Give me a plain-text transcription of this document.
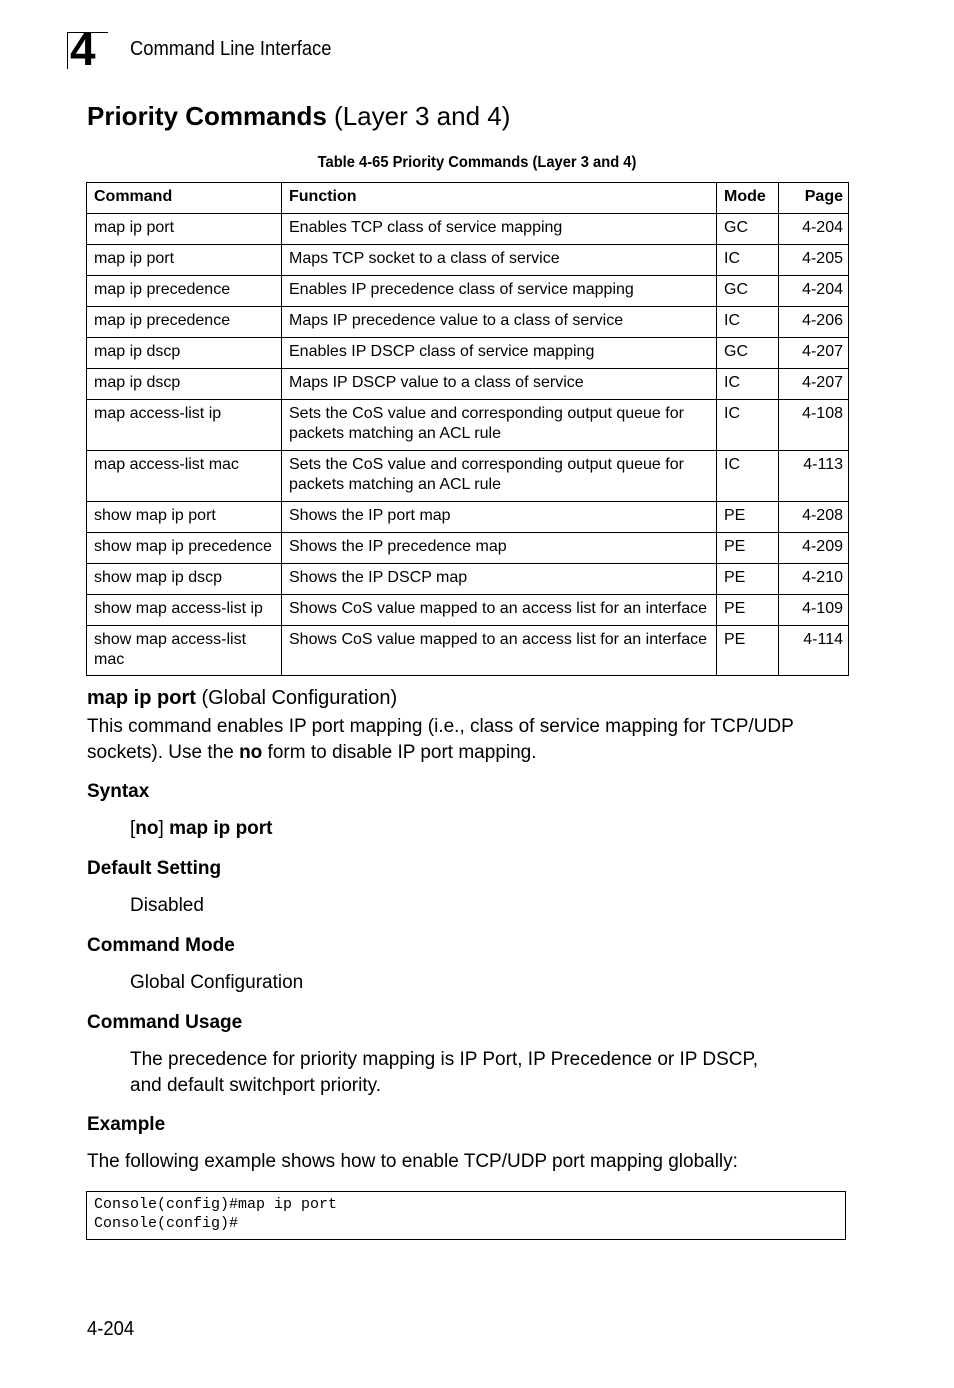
4 Command Line Interface
Priority Commands (Layer 3 and 4)
Table 4-65 Priority Commands (Layer 3 and 4)
Command	Function	Mode	Page
map ip port	Enables TCP class of service mapping	GC	4-204
map ip port	Maps TCP socket to a class of service	IC	4-205
map ip precedence	Enables IP precedence class of service mapping	GC	4-204
map ip precedence	Maps IP precedence value to a class of service	IC	4-206
map ip dscp	Enables IP DSCP class of service mapping	GC	4-207
map ip dscp	Maps IP DSCP value to a class of service	IC	4-207
map access-list ip	Sets the CoS value and corresponding output queue for packets matching an ACL rule	IC	4-108
map access-list mac	Sets the CoS value and corresponding output queue for packets matching an ACL rule	IC	4-113
show map ip port	Shows the IP port map	PE	4-208
show map ip precedence	Shows the IP precedence map	PE	4-209
show map ip dscp	Shows the IP DSCP map	PE	4-210
show map access-list ip	Shows CoS value mapped to an access list for an interface	PE	4-109
show map access-list mac	Shows CoS value mapped to an access list for an interface	PE	4-114
map ip port (Global Configuration)
This command enables IP port mapping (i.e., class of service mapping for TCP/UDP sockets). Use the no form to disable IP port mapping.
Syntax
[no] map ip port
Default Setting
Disabled
Command Mode
Global Configuration
Command Usage
The precedence for priority mapping is IP Port, IP Precedence or IP DSCP,
and default switchport priority.
Example
The following example shows how to enable TCP/UDP port mapping globally:
Console(config)#map ip port
Console(config)#
4-204
